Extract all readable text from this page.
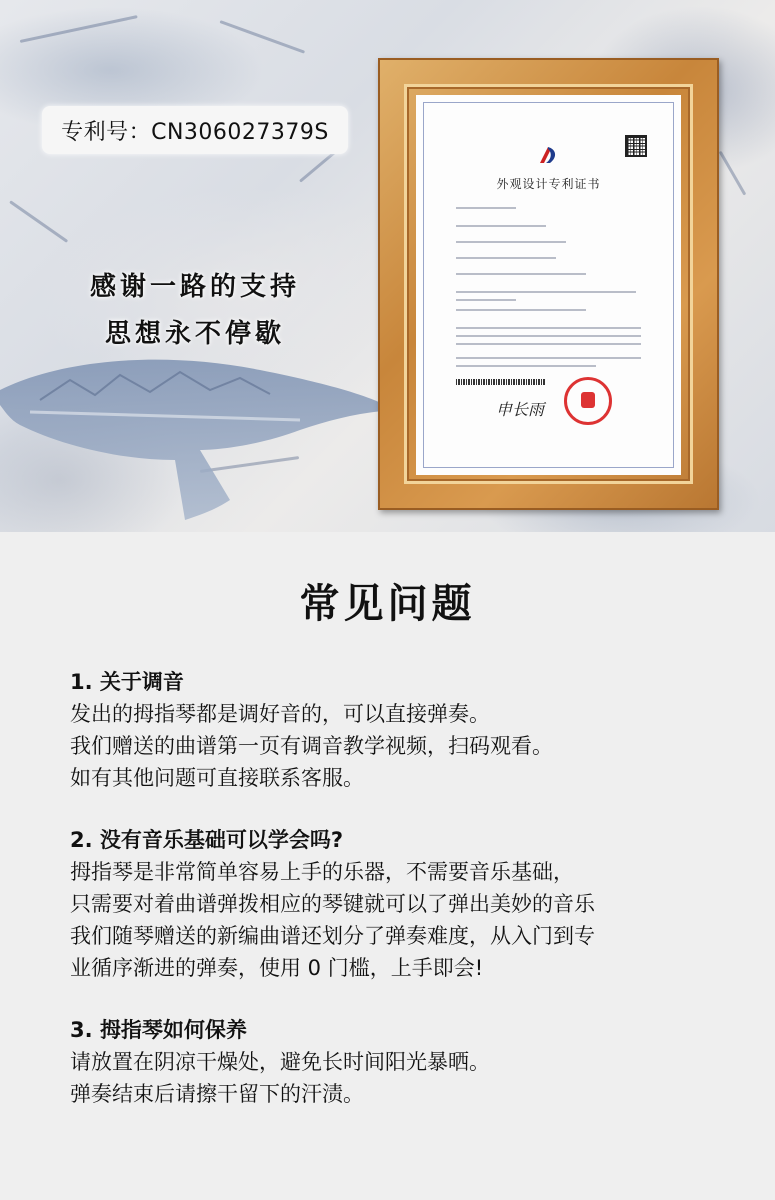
专利号：CN306027379S
感谢一路的支持
思想永不停歇
外观设计专利证书
申长雨
常见问题
1. 关于调音
发出的拇指琴都是调好音的，可以直接弹奏。
我们赠送的曲谱第一页有调音教学视频，扫码观看。
如有其他问题可直接联系客服。
2. 没有音乐基础可以学会吗?
拇指琴是非常简单容易上手的乐器，不需要音乐基础，
只需要对着曲谱弹拨相应的琴键就可以了弹出美妙的音乐
我们随琴赠送的新编曲谱还划分了弹奏难度，从入门到专
业循序渐进的弹奏，使用 0 门槛，上手即会!
3. 拇指琴如何保养
请放置在阴凉干燥处，避免长时间阳光暴晒。
弹奏结束后请擦干留下的汗渍。
